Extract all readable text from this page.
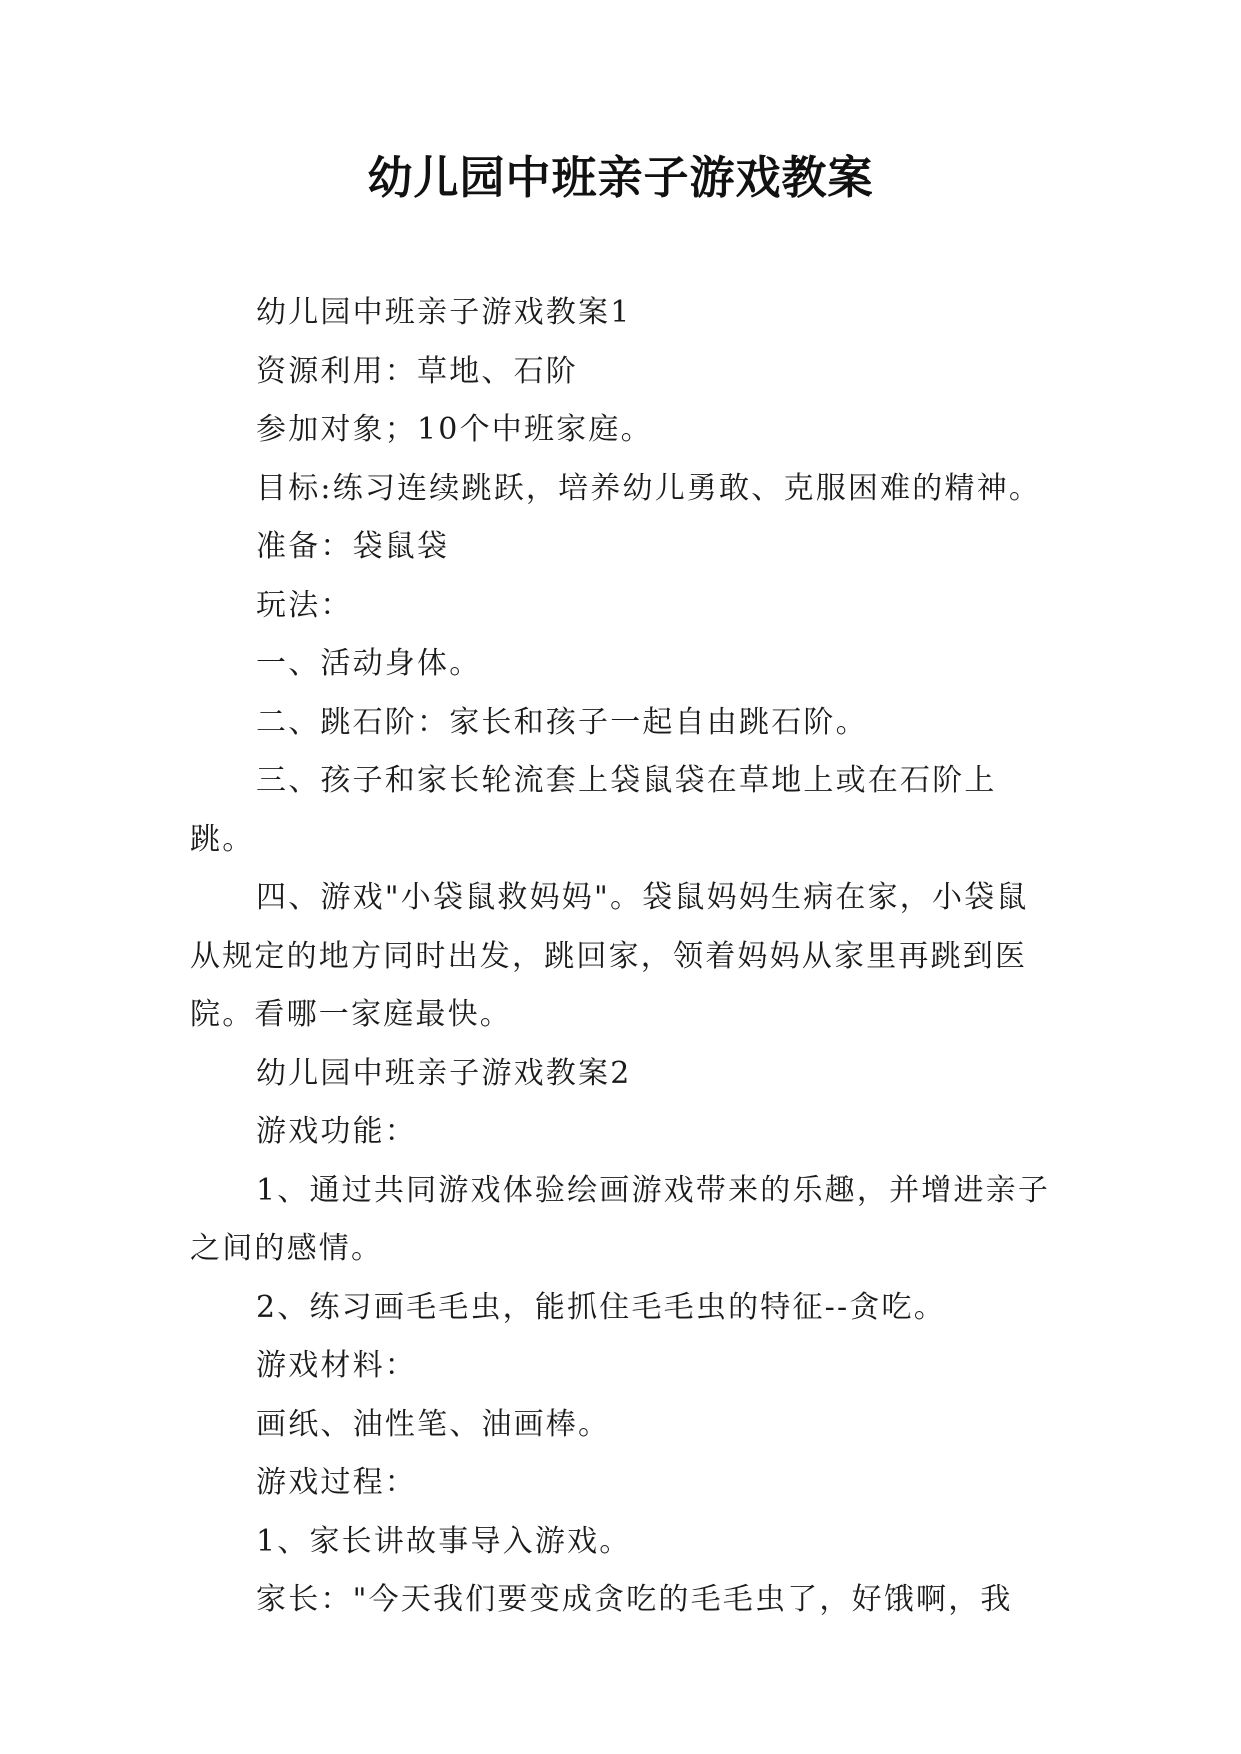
幼儿园中班亲子游戏教案

幼儿园中班亲子游戏教案1

资源利用：草地、石阶

参加对象；10个中班家庭。

目标:练习连续跳跃，培养幼儿勇敢、克服困难的精神。

准备：袋鼠袋

玩法：

一、活动身体。

二、跳石阶：家长和孩子一起自由跳石阶。

三、孩子和家长轮流套上袋鼠袋在草地上或在石阶上跳。

四、游戏"小袋鼠救妈妈"。袋鼠妈妈生病在家，小袋鼠从规定的地方同时出发，跳回家，领着妈妈从家里再跳到医院。看哪一家庭最快。

幼儿园中班亲子游戏教案2

游戏功能：

1、通过共同游戏体验绘画游戏带来的乐趣，并增进亲子之间的感情。

2、练习画毛毛虫，能抓住毛毛虫的特征--贪吃。

游戏材料：

画纸、油性笔、油画棒。

游戏过程：

1、家长讲故事导入游戏。

家长："今天我们要变成贪吃的毛毛虫了，好饿啊，我
